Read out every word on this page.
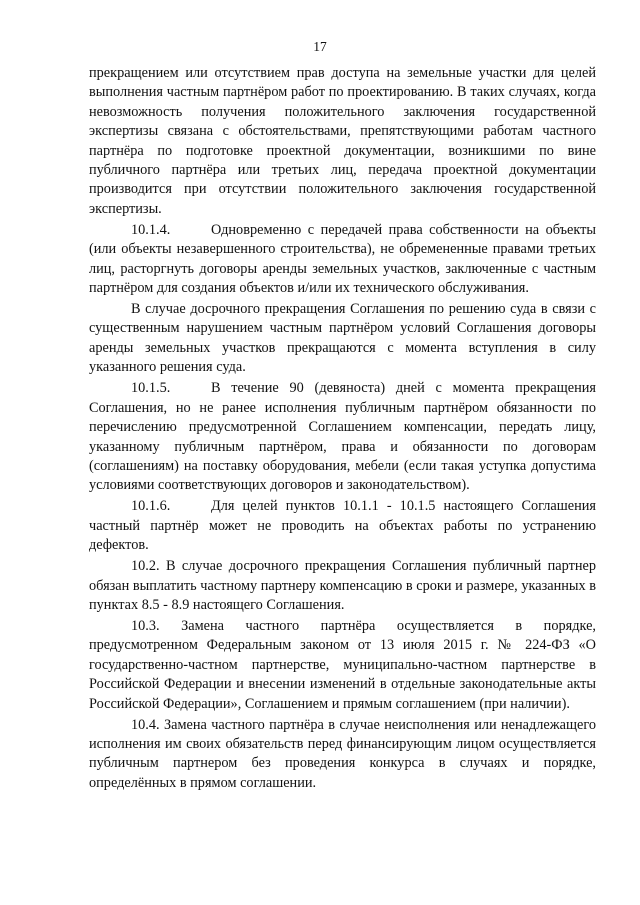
17

прекращением или отсутствием прав доступа на земельные участки для целей выполнения частным партнёром работ по проектированию. В таких случаях, когда невозможность получения положительного заключения государственной экспертизы связана с обстоятельствами, препятствующими работам частного партнёра по подготовке проектной документации, возникшими по вине публичного партнёра или третьих лиц, передача проектной документации производится при отсутствии положительного заключения государственной экспертизы.

10.1.4.	Одновременно с передачей права собственности на объекты (или объекты незавершенного строительства), не обремененные правами третьих лиц, расторгнуть договоры аренды земельных участков, заключенные с частным партнёром для создания объектов и/или их технического обслуживания.

В случае досрочного прекращения Соглашения по решению суда в связи с существенным нарушением частным партнёром условий Соглашения договоры аренды земельных участков прекращаются с момента вступления в силу указанного решения суда.

10.1.5.	В течение 90 (девяноста) дней с момента прекращения Соглашения, но не ранее исполнения публичным партнёром обязанности по перечислению предусмотренной Соглашением компенсации, передать лицу, указанному публичным партнёром, права и обязанности по договорам (соглашениям) на поставку оборудования, мебели (если такая уступка допустима условиями соответствующих договоров и законодательством).

10.1.6.	Для целей пунктов 10.1.1 - 10.1.5 настоящего Соглашения частный партнёр может не проводить на объектах работы по устранению дефектов.

10.2. В случае досрочного прекращения Соглашения публичный партнер обязан выплатить частному партнеру компенсацию в сроки и размере, указанных в пунктах 8.5 - 8.9 настоящего Соглашения.

10.3. Замена частного партнёра осуществляется в порядке, предусмотренном Федеральным законом от 13 июля 2015 г. № 224-ФЗ «О государственно-частном партнерстве, муниципально-частном партнерстве в Российской Федерации и внесении изменений в отдельные законодательные акты Российской Федерации», Соглашением и прямым соглашением (при наличии).

10.4. Замена частного партнёра в случае неисполнения или ненадлежащего исполнения им своих обязательств перед финансирующим лицом осуществляется публичным партнером без проведения конкурса в случаях и порядке, определённых в прямом соглашении.
